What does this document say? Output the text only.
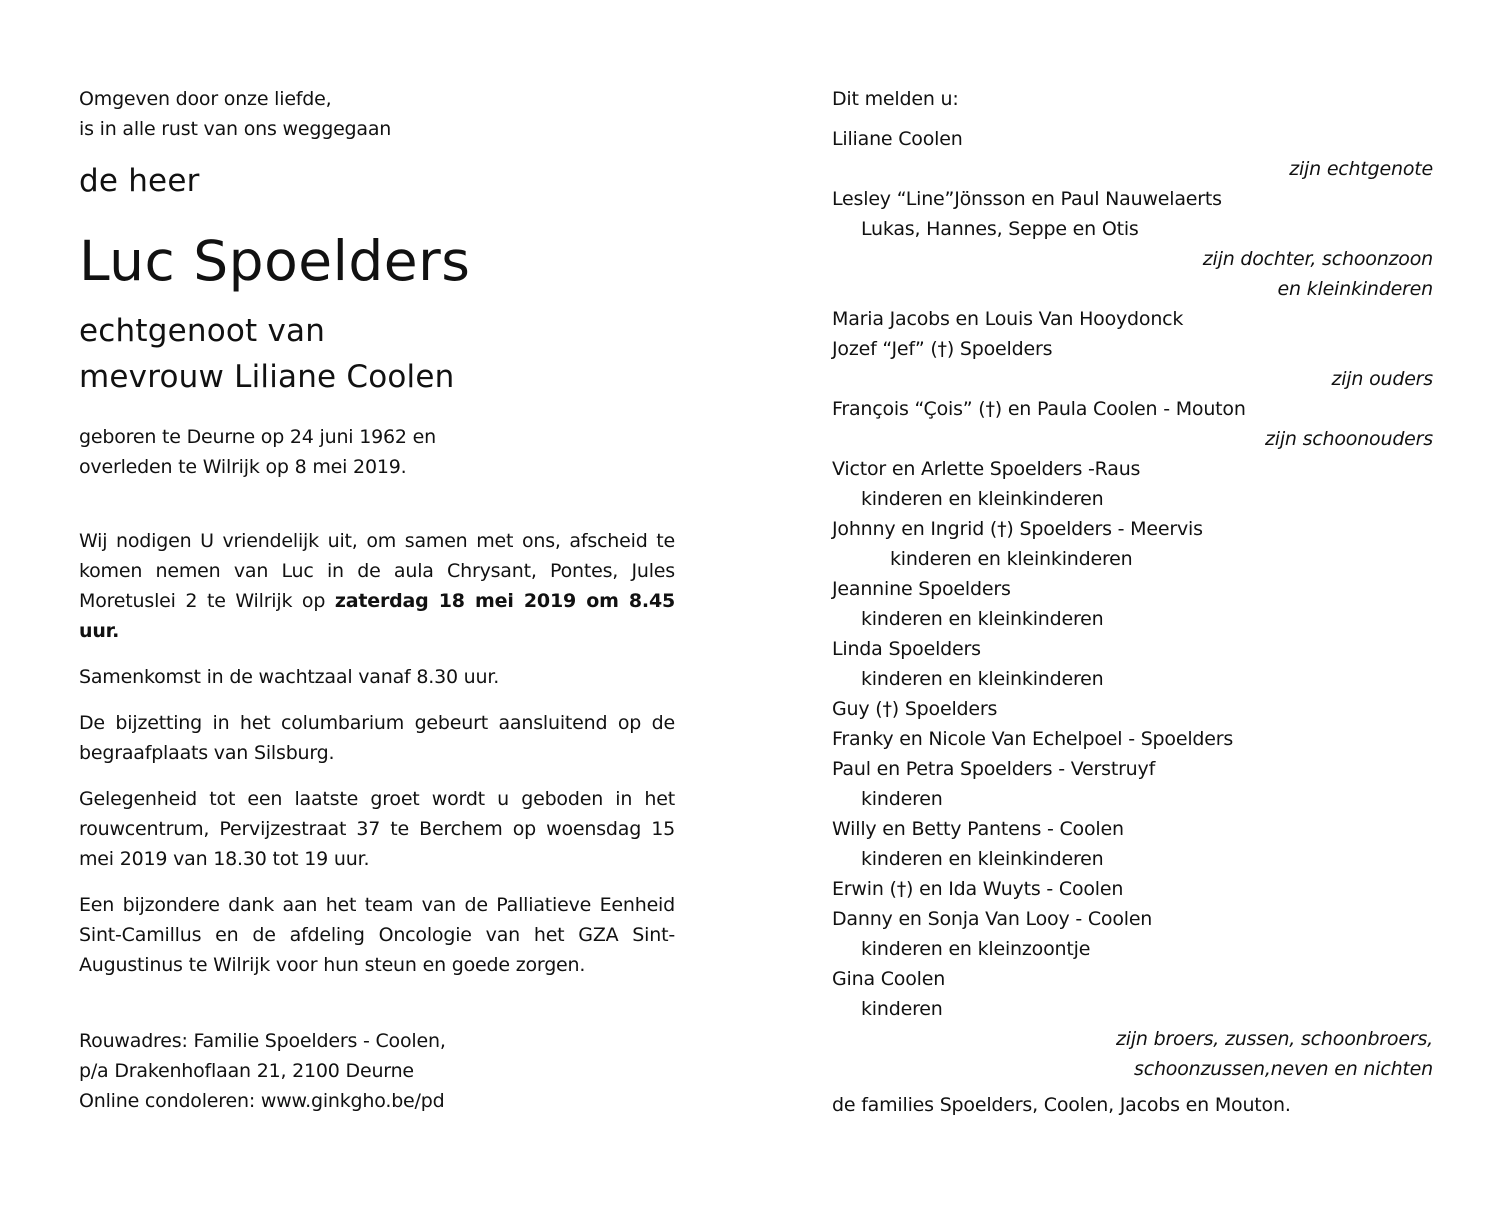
Omgeven door onze liefde,

is in alle rust van ons weggegaan

de heer
Luc Spoelders
echtgenoot van
mevrouw Liliane Coolen

geboren te Deurne op 24 juni 1962 en

overleden te Wilrijk op 8 mei 2019.

Wij nodigen U vriendelijk uit, om samen met ons, afscheid te komen nemen van Luc in de aula Chrysant, Pontes, Jules Moretuslei 2 te Wilrijk op zaterdag 18 mei 2019 om 8.45 uur.

Samenkomst in de wachtzaal vanaf 8.30 uur.

De bijzetting in het columbarium gebeurt aansluitend op de begraafplaats van Silsburg.

Gelegenheid tot een laatste groet wordt u geboden in het rouwcentrum, Pervijzestraat 37 te Berchem op woensdag 15 mei 2019 van 18.30 tot 19 uur.

Een bijzondere dank aan het team van de Palliatieve Eenheid Sint-Camillus en de afdeling Oncologie van het GZA Sint-Augustinus te Wilrijk voor hun steun en goede zorgen.

Rouwadres: Familie Spoelders - Coolen,

p/a Drakenhoflaan 21, 2100 Deurne

Online condoleren: www.ginkgho.be/pd

Dit melden u:

Liliane Coolen

zijn echtgenote

Lesley “Line”Jönsson en Paul Nauwelaerts

Lukas, Hannes, Seppe en Otis

zijn dochter, schoonzoon

en kleinkinderen

Maria Jacobs en Louis Van Hooydonck

Jozef “Jef” (†) Spoelders

zijn ouders

François “Çois” (†) en Paula Coolen - Mouton

zijn schoonouders

Victor en Arlette Spoelders -Raus

kinderen en kleinkinderen

Johnny en Ingrid (†) Spoelders - Meervis

kinderen en kleinkinderen

Jeannine Spoelders

kinderen en kleinkinderen

Linda Spoelders

kinderen en kleinkinderen

Guy (†) Spoelders

Franky en Nicole Van Echelpoel - Spoelders

Paul en Petra Spoelders - Verstruyf

kinderen

Willy en Betty Pantens - Coolen

kinderen en kleinkinderen

Erwin (†) en Ida Wuyts - Coolen

Danny en Sonja Van Looy - Coolen

kinderen en kleinzoontje

Gina Coolen

kinderen

zijn broers, zussen, schoonbroers,

schoonzussen,neven en nichten

de families Spoelders, Coolen, Jacobs en Mouton.
